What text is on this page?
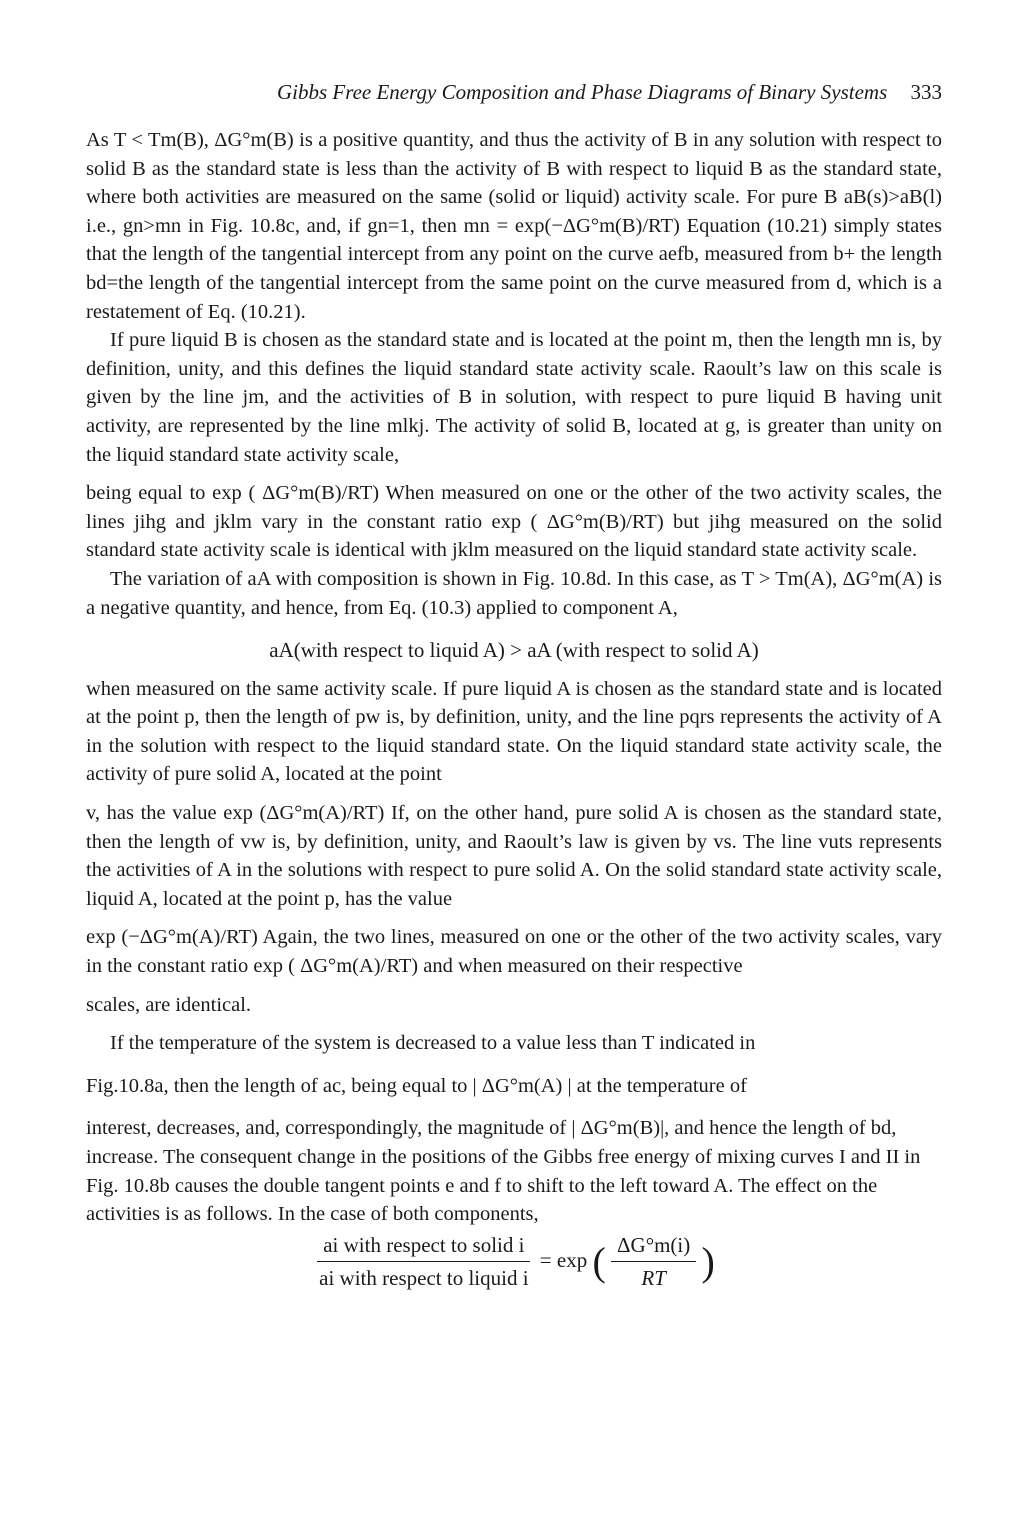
Gibbs Free Energy Composition and Phase Diagrams of Binary Systems 333

As T < Tm(B), ΔG°m(B) is a positive quantity, and thus the activity of B in any solution with respect to solid B as the standard state is less than the activity of B with respect to liquid B as the standard state, where both activities are measured on the same (solid or liquid) activity scale. For pure B aB(s)>aB(l) i.e., gn>mn in Fig. 10.8c, and, if gn=1, then mn = exp(−ΔG°m(B)/RT) Equation (10.21) simply states that the length of the tangential intercept from any point on the curve aefb, measured from b+ the length bd=the length of the tangential intercept from the same point on the curve measured from d, which is a restatement of Eq. (10.21).

If pure liquid B is chosen as the standard state and is located at the point m, then the length mn is, by definition, unity, and this defines the liquid standard state activity scale. Raoult’s law on this scale is given by the line jm, and the activities of B in solution, with respect to pure liquid B having unit activity, are represented by the line mlkj. The activity of solid B, located at g, is greater than unity on the liquid standard state activity scale,

being equal to exp ( ΔG°m(B)/RT) When measured on one or the other of the two activity scales, the lines jihg and jklm vary in the constant ratio exp ( ΔG°m(B)/RT) but jihg measured on the solid standard state activity scale is identical with jklm measured on the liquid standard state activity scale.

The variation of aA with composition is shown in Fig. 10.8d. In this case, as T > Tm(A), ΔG°m(A) is a negative quantity, and hence, from Eq. (10.3) applied to component A,

aA(with respect to liquid A) > aA (with respect to solid A)

when measured on the same activity scale. If pure liquid A is chosen as the standard state and is located at the point p, then the length of pw is, by definition, unity, and the line pqrs represents the activity of A in the solution with respect to the liquid standard state. On the liquid standard state activity scale, the activity of pure solid A, located at the point

v, has the value exp (ΔG°m(A)/RT) If, on the other hand, pure solid A is chosen as the standard state, then the length of vw is, by definition, unity, and Raoult’s law is given by vs. The line vuts represents the activities of A in the solutions with respect to pure solid A. On the solid standard state activity scale, liquid A, located at the point p, has the value

exp (−ΔG°m(A)/RT) Again, the two lines, measured on one or the other of the two activity scales, vary in the constant ratio exp ( ΔG°m(A)/RT) and when measured on their respective

scales, are identical.

If the temperature of the system is decreased to a value less than T indicated in

Fig.10.8a, then the length of ac, being equal to | ΔG°m(A) | at the temperature of

interest, decreases, and, correspondingly, the magnitude of | ΔG°m(B)|, and hence the length of bd, increase. The consequent change in the positions of the Gibbs free energy of mixing curves I and II in Fig. 10.8b causes the double tangent points e and f to shift to the left toward A. The effect on the activities is as follows. In the case of both components,

$\frac{\text{ai with respect to solid i}}{\text{ai with respect to liquid i}} = \exp$ ( $\frac{\Delta G^\circ m(i)}{RT}$ )
